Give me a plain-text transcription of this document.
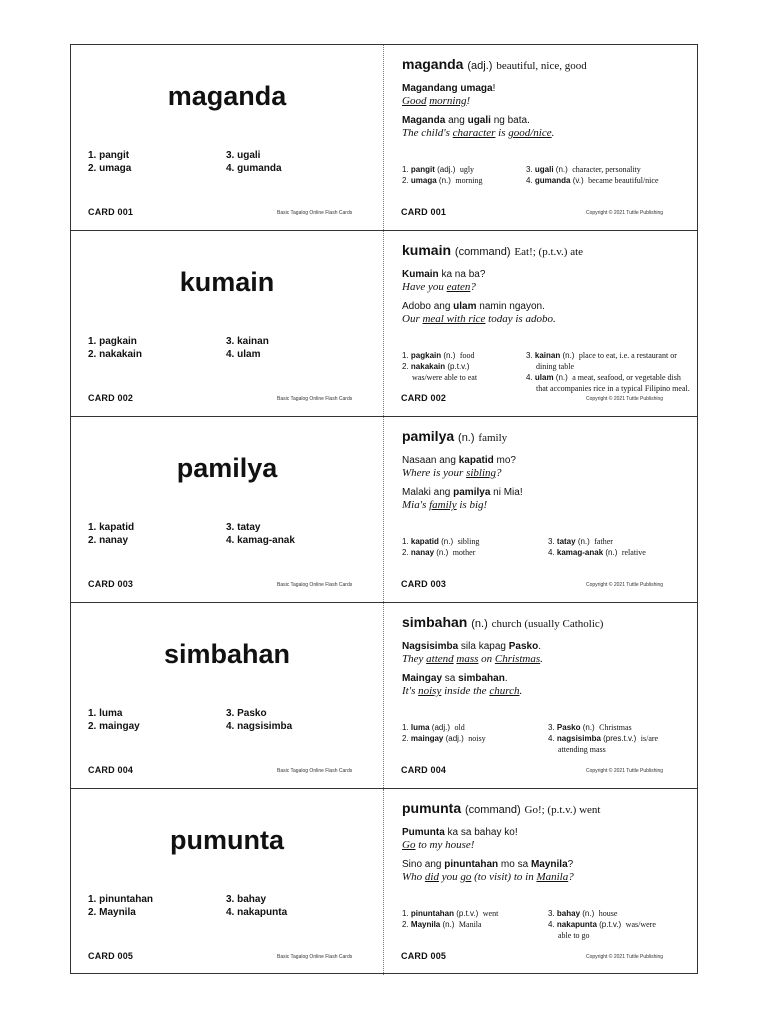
maganda
1. pangit
2. umaga
3. ugali
4. gumanda
CARD 001	Basic Tagalog Online Flash Cards
maganda (adj.) beautiful, nice, good
Magandang umaga!
Good morning!
Maganda ang ugali ng bata.
The child's character is good/nice.
1. pangit (adj.)  ugly
2. umaga (n.)  morning
3. ugali (n.)  character, personality
4. gumanda (v.)  became beautiful/nice
CARD 001	Copyright © 2021 Tuttle Publishing
kumain
1. pagkain
2. nakakain
3. kainan
4. ulam
CARD 002	Basic Tagalog Online Flash Cards
kumain (command) Eat!; (p.t.v.) ate
Kumain ka na ba?
Have you eaten?
Adobo ang ulam namin ngayon.
Our meal with rice today is adobo.
1. pagkain (n.)  food
2. nakakain (p.t.v.)
was/were able to eat
3. kainan (n.)  place to eat, i.e. a restaurant or
dining table
4. ulam (n.)  a meat, seafood, or vegetable dish
that accompanies rice in a typical Filipino meal.
CARD 002	Copyright © 2021 Tuttle Publishing
pamilya
1. kapatid
2. nanay
3. tatay
4. kamag-anak
CARD 003	Basic Tagalog Online Flash Cards
pamilya (n.) family
Nasaan ang kapatid mo?
Where is your sibling?
Malaki ang pamilya ni Mia!
Mia's family is big!
1. kapatid (n.)  sibling
2. nanay (n.)  mother
3. tatay (n.)  father
4. kamag-anak (n.)  relative
CARD 003	Copyright © 2021 Tuttle Publishing
simbahan
1. luma
2. maingay
3. Pasko
4. nagsisimba
CARD 004	Basic Tagalog Online Flash Cards
simbahan (n.) church (usually Catholic)
Nagsisimba sila kapag Pasko.
They attend mass on Christmas.
Maingay sa simbahan.
It's noisy inside the church.
1. luma (adj.)  old
2. maingay (adj.)  noisy
3. Pasko (n.)  Christmas
4. nagsisimba (pres.t.v.)  is/are
attending mass
CARD 004	Copyright © 2021 Tuttle Publishing
pumunta
1. pinuntahan
2. Maynila
3. bahay
4. nakapunta
CARD 005	Basic Tagalog Online Flash Cards
pumunta (command) Go!; (p.t.v.) went
Pumunta ka sa bahay ko!
Go to my house!
Sino ang pinuntahan mo sa Maynila?
Who did you go (to visit) to in Manila?
1. pinuntahan (p.t.v.)  went
2. Maynila (n.)  Manila
3. bahay (n.)  house
4. nakapunta (p.t.v.)  was/were
able to go
CARD 005	Copyright © 2021 Tuttle Publishing
